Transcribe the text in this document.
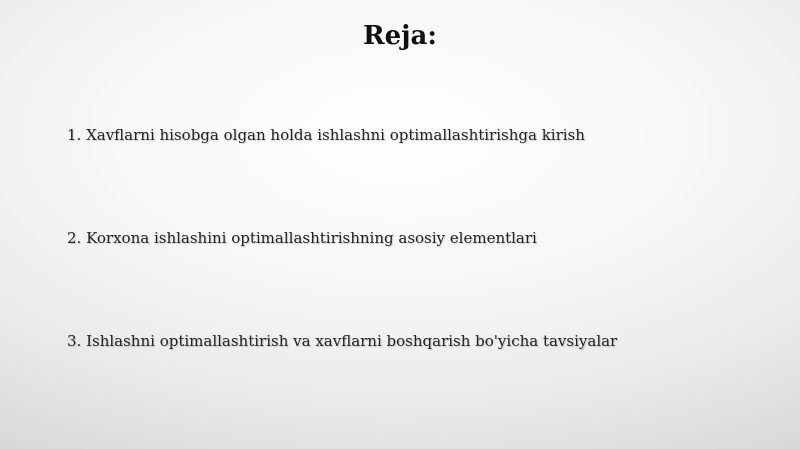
Reja:
1. Xavflarni hisobga olgan holda ishlashni optimallashtirishga kirish
2. Korxona ishlashini optimallashtirishning asosiy elementlari
3. Ishlashni optimallashtirish va xavflarni boshqarish bo'yicha tavsiyalar
